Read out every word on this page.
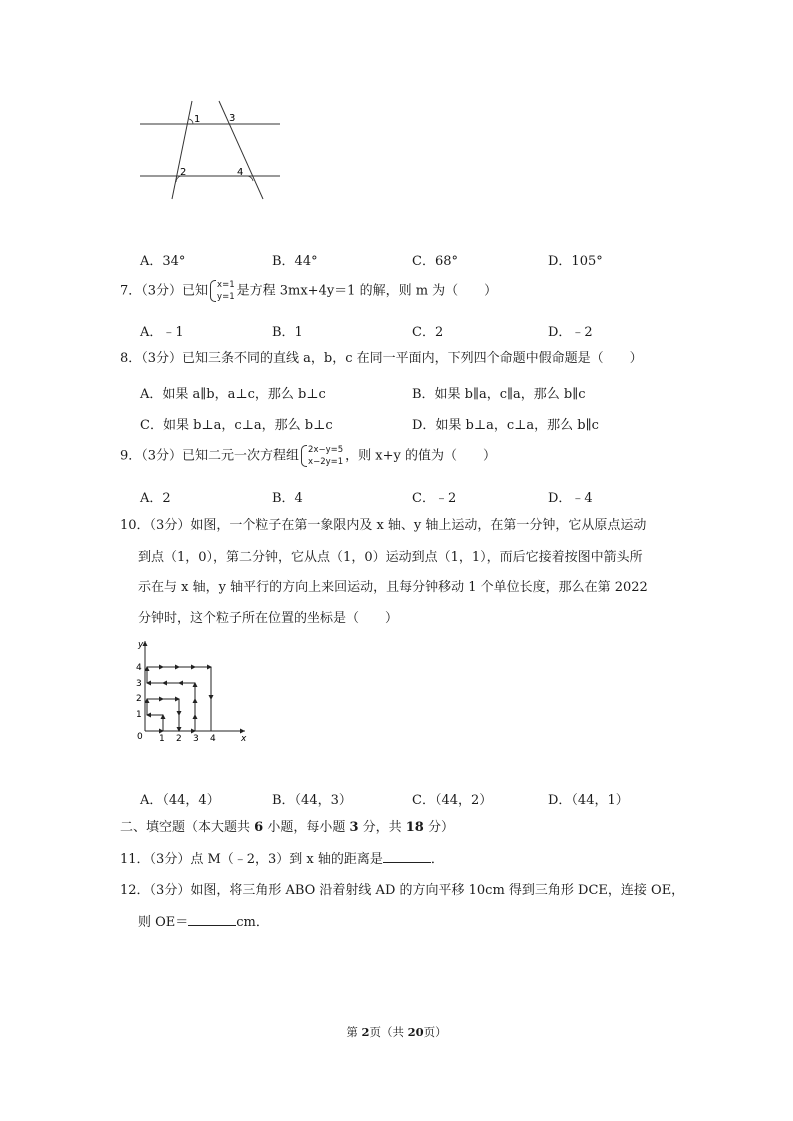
1
2
3
4
A．34°	B．44°	C．68°	D．105°
7．（3分）已知 x=1
y=1 是方程 3mx+4y＝1 的解，则 m 为（　　）
A．﹣1	B．1	C．2	D．﹣2
8．（3分）已知三条不同的直线 a，b，c 在同一平面内，下列四个命题中假命题是（　　）
A．如果 a∥b，a⊥c，那么 b⊥c	B．如果 b∥a，c∥a，那么 b∥c
C．如果 b⊥a，c⊥a，那么 b⊥c	D．如果 b⊥a，c⊥a，那么 b∥c
9．（3分）已知二元一次方程组 2x−y=5
x−2y=1 ，则 x+y 的值为（　　）
A．2	B．4	C．﹣2	D．﹣4
10．（3分）如图，一个粒子在第一象限内及 x 轴、y 轴上运动，在第一分钟，它从原点运动
到点（1，0），第二分钟，它从点（1，0）运动到点（1，1），而后它接着按图中箭头所
示在与 x 轴，y 轴平行的方向上来回运动，且每分钟移动 1 个单位长度，那么在第 2022
分钟时，这个粒子所在位置的坐标是（　　）
y
x
0 1 2 3 4
1
2
3
4
A．（44，4）	B．（44，3）	C．（44，2）	D．（44，1）
二、填空题（本大题共 6 小题，每小题 3 分，共 18 分）
11．（3分）点 M（﹣2，3）到 x 轴的距离是	．
12．（3分）如图，将三角形 ABO 沿着射线 AD 的方向平移 10cm 得到三角形 DCE，连接 OE，
则 OE＝	cm．
第 2页（共 20页）
